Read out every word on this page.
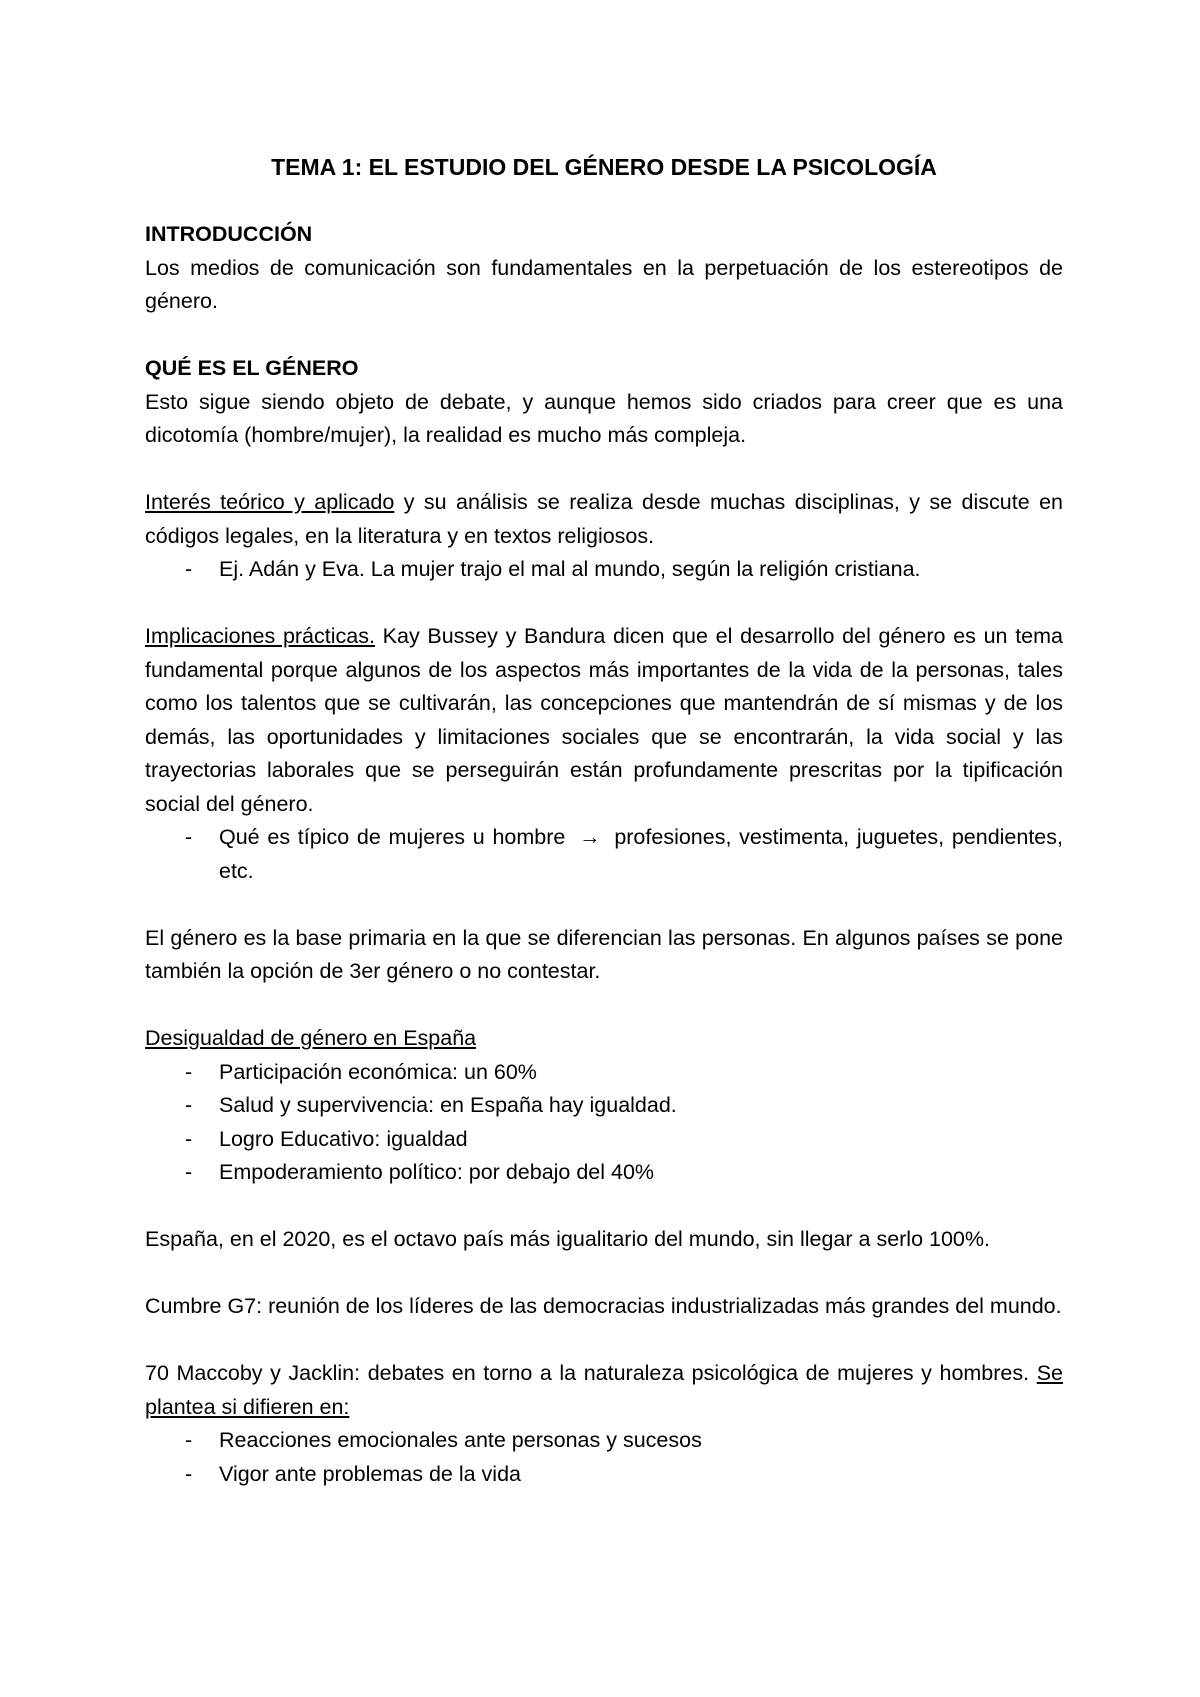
TEMA 1: EL ESTUDIO DEL GÉNERO DESDE LA PSICOLOGÍA
INTRODUCCIÓN

Los medios de comunicación son fundamentales en la perpetuación de los estereotipos de género.

QUÉ ES EL GÉNERO

Esto sigue siendo objeto de debate, y aunque hemos sido criados para creer que es una dicotomía (hombre/mujer), la realidad es mucho más compleja.

Interés teórico y aplicado y su análisis se realiza desde muchas disciplinas, y se discute en códigos legales, en la literatura y en textos religiosos.

- Ej. Adán y Eva. La mujer trajo el mal al mundo, según la religión cristiana.

Implicaciones prácticas. Kay Bussey y Bandura dicen que el desarrollo del género es un tema fundamental porque algunos de los aspectos más importantes de la vida de la personas, tales como los talentos que se cultivarán, las concepciones que mantendrán de sí mismas y de los demás, las oportunidades y limitaciones sociales que se encontrarán, la vida social y las trayectorias laborales que se perseguirán están profundamente prescritas por la tipificación social del género.

- Qué es típico de mujeres u hombre → profesiones, vestimenta, juguetes, pendientes, etc.

El género es la base primaria en la que se diferencian las personas. En algunos países se pone también la opción de 3er género o no contestar.

Desigualdad de género en España
- Participación económica: un 60%
- Salud y supervivencia: en España hay igualdad.
- Logro Educativo: igualdad
- Empoderamiento político: por debajo del 40%

España, en el 2020, es el octavo país más igualitario del mundo, sin llegar a serlo 100%.

Cumbre G7: reunión de los líderes de las democracias industrializadas más grandes del mundo.

70 Maccoby y Jacklin: debates en torno a la naturaleza psicológica de mujeres y hombres. Se plantea si difieren en:

- Reacciones emocionales ante personas y sucesos
- Vigor ante problemas de la vida
